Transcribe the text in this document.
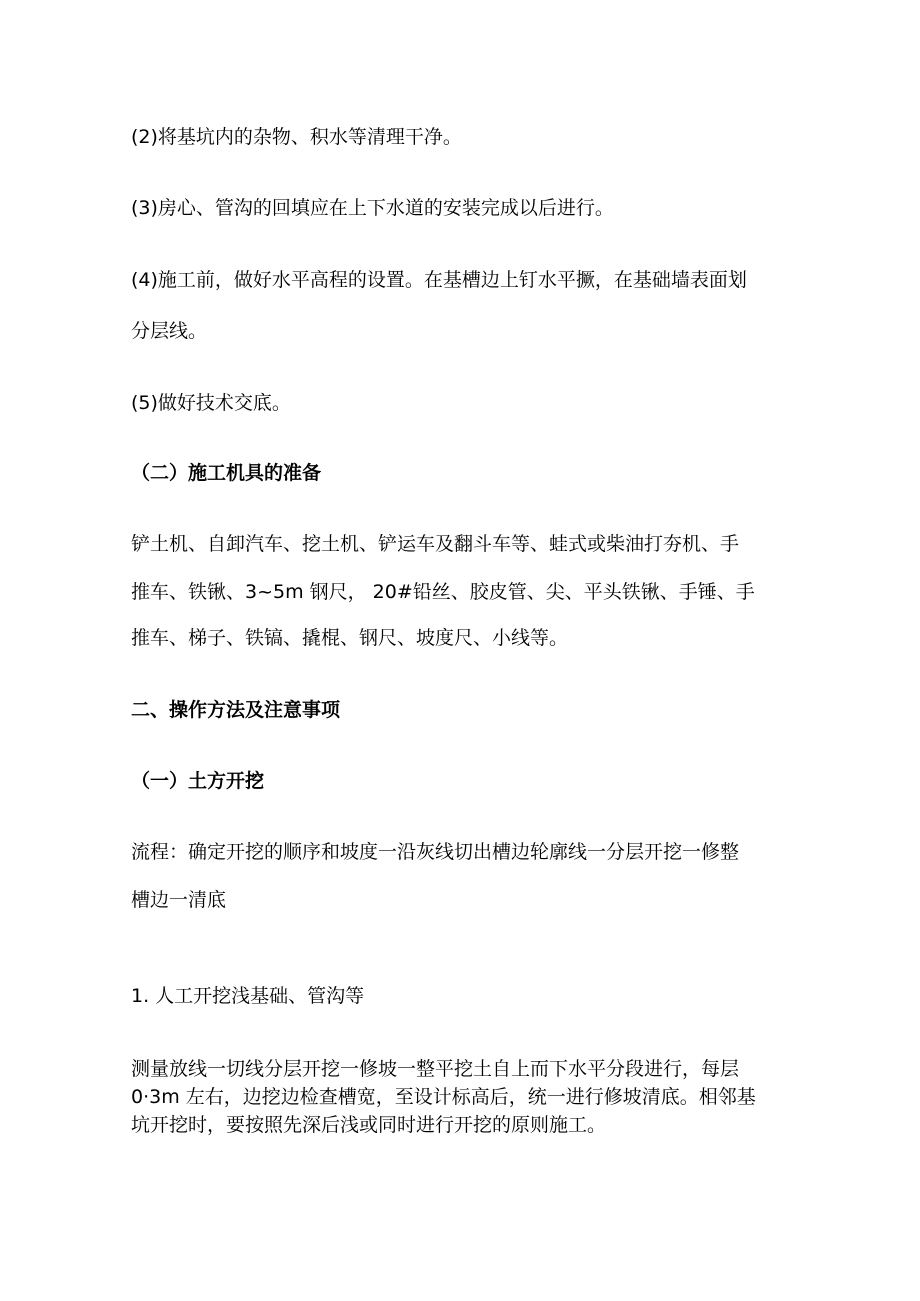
(2)将基坑内的杂物、积水等清理干净。
(3)房心、管沟的回填应在上下水道的安装完成以后进行。
(4)施工前，做好水平高程的设置。在基槽边上钉水平撅，在基础墙表面划
分层线。
(5)做好技术交底。
（二）施工机具的准备
铲土机、自卸汽车、挖土机、铲运车及翻斗车等、蛙式或柴油打夯机、手
推车、铁锹、3~5m 钢尺， 20#铅丝、胶皮管、尖、平头铁锹、手锤、手
推车、梯子、铁镐、撬棍、钢尺、坡度尺、小线等。
二、操作方法及注意事项
（一）土方开挖
流程：确定开挖的顺序和坡度一沿灰线切出槽边轮廓线一分层开挖一修整
槽边一清底
1. 人工开挖浅基础、管沟等
测量放线一切线分层开挖一修坡一整平挖土自上而下水平分段进行，每层
0·3m 左右，边挖边检查槽宽，至设计标高后，统一进行修坡清底。相邻基
坑开挖时，要按照先深后浅或同时进行开挖的原则施工。
